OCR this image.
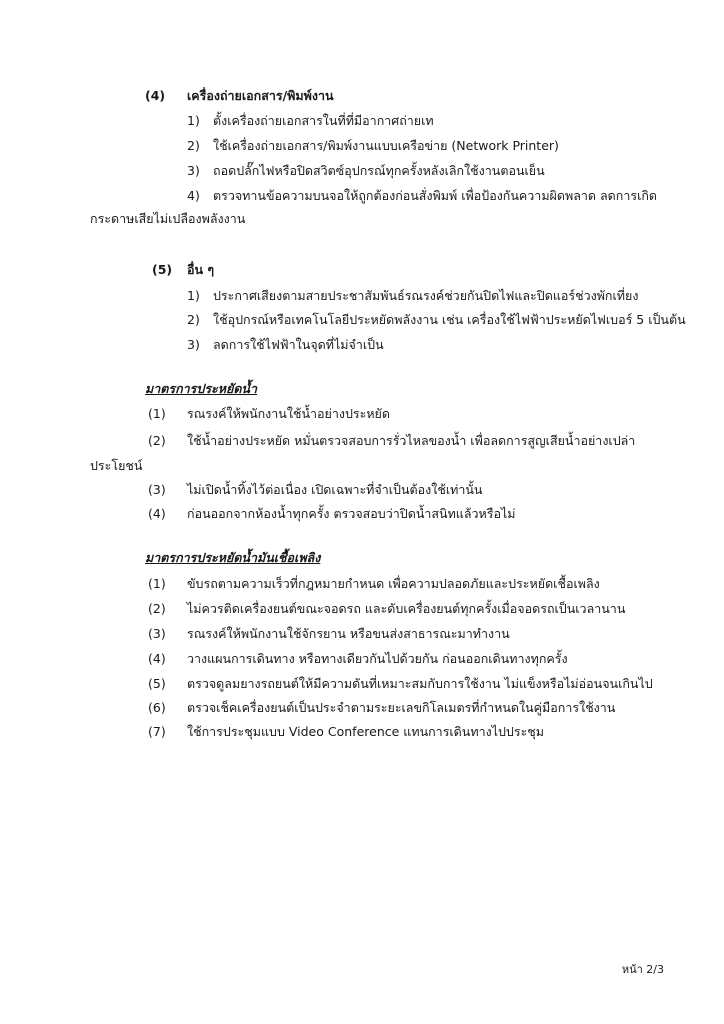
(4) เครื่องถ่ายเอกสาร/พิมพ์งาน
1) ตั้งเครื่องถ่ายเอกสารในที่ที่มีอากาศถ่ายเท
2) ใช้เครื่องถ่ายเอกสาร/พิมพ์งานแบบเครือข่าย (Network Printer)
3) ถอดปลั๊กไฟหรือปิดสวิตซ์อุปกรณ์ทุกครั้งหลังเลิกใช้งานตอนเย็น
4) ตรวจทานข้อความบนจอให้ถูกต้องก่อนสั่งพิมพ์ เพื่อป้องกันความผิดพลาด ลดการเกิด
กระดาษเสียไม่เปลืองพลังงาน
(5) อื่น ๆ
1) ประกาศเสียงตามสายประชาสัมพันธ์รณรงค์ช่วยกันปิดไฟและปิดแอร์ช่วงพักเที่ยง
2) ใช้อุปกรณ์หรือเทคโนโลยีประหยัดพลังงาน เช่น เครื่องใช้ไฟฟ้าประหยัดไฟเบอร์ 5 เป็นต้น
3) ลดการใช้ไฟฟ้าในจุดที่ไม่จำเป็น
มาตรการประหยัดน้ำ
(1) รณรงค์ให้พนักงานใช้น้ำอย่างประหยัด
(2) ใช้น้ำอย่างประหยัด หมั่นตรวจสอบการรั่วไหลของน้ำ เพื่อลดการสูญเสียน้ำอย่างเปล่า
ประโยชน์
(3) ไม่เปิดน้ำทิ้งไว้ต่อเนื่อง เปิดเฉพาะที่จำเป็นต้องใช้เท่านั้น
(4) ก่อนออกจากห้องน้ำทุกครั้ง ตรวจสอบว่าปิดน้ำสนิทแล้วหรือไม่
มาตรการประหยัดน้ำมันเชื้อเพลิง
(1) ขับรถตามความเร็วที่กฎหมายกำหนด เพื่อความปลอดภัยและประหยัดเชื้อเพลิง
(2) ไม่ควรติดเครื่องยนต์ขณะจอดรถ และดับเครื่องยนต์ทุกครั้งเมื่อจอดรถเป็นเวลานาน
(3) รณรงค์ให้พนักงานใช้จักรยาน หรือขนส่งสาธารณะมาทำงาน
(4) วางแผนการเดินทาง หรือทางเดียวกันไปด้วยกัน ก่อนออกเดินทางทุกครั้ง
(5) ตรวจดูลมยางรถยนต์ให้มีความดันที่เหมาะสมกับการใช้งาน ไม่แข็งหรือไม่อ่อนจนเกินไป
(6) ตรวจเช็คเครื่องยนต์เป็นประจำตามระยะเลขกิโลเมตรที่กำหนดในคู่มือการใช้งาน
(7) ใช้การประชุมแบบ Video Conference แทนการเดินทางไปประชุม
หน้า 2/3
